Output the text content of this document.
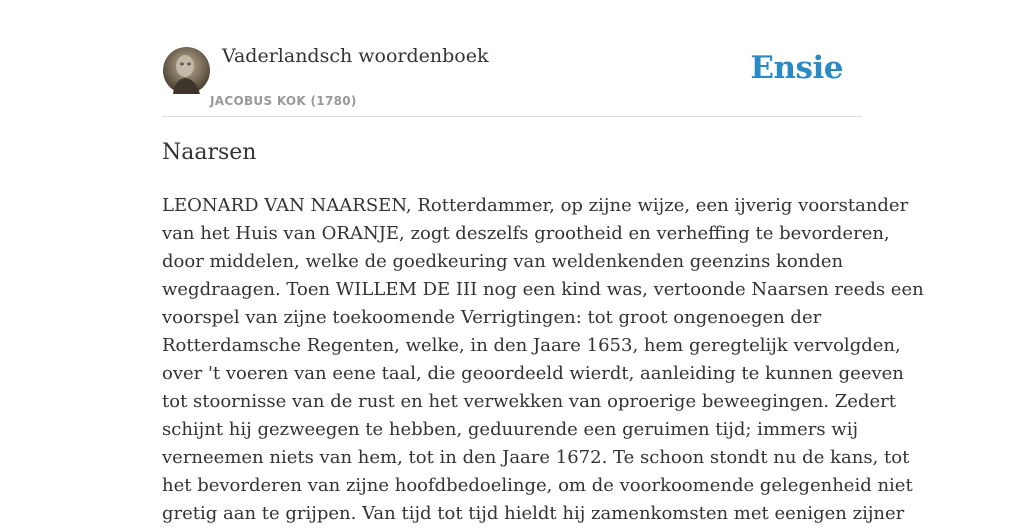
Vaderlandsch woordenboek
JACOBUS KOK (1780)
Ensie
Naarsen
LEONARD VAN NAARSEN, Rotterdammer, op zijne wijze, een ijverig voorstander
van het Huis van ORANJE, zogt deszelfs grootheid en verheffing te bevorderen,
door middelen, welke de goedkeuring van weldenkenden geenzins konden
wegdraagen. Toen WILLEM DE III nog een kind was, vertoonde Naarsen reeds een
voorspel van zijne toekoomende Verrigtingen: tot groot ongenoegen der
Rotterdamsche Regenten, welke, in den Jaare 1653, hem geregtelijk vervolgden,
over 't voeren van eene taal, die geoordeeld wierdt, aanleiding te kunnen geeven
tot stoornisse van de rust en het verwekken van oproerige beweegingen. Zedert
schijnt hij gezweegen te hebben, geduurende een geruimen tijd; immers wij
verneemen niets van hem, tot in den Jaare 1672. Te schoon stondt nu de kans, tot
het bevorderen van zijne hoofdbedoelinge, om de voorkoomende gelegenheid niet
gretig aan te grijpen. Van tijd tot tijd hieldt hij zamenkomsten met eenigen zijner
